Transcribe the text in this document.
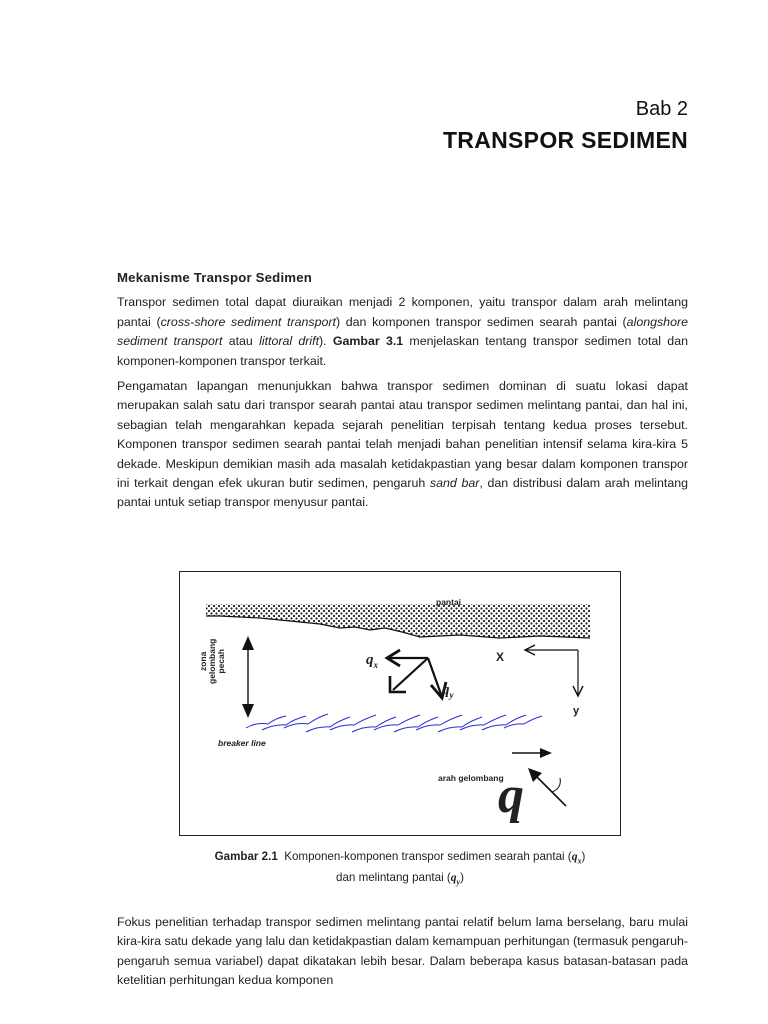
Bab 2
TRANSPOR SEDIMEN
Mekanisme Transpor Sedimen

Transpor sedimen total dapat diuraikan menjadi 2 komponen, yaitu transpor dalam arah melintang pantai (cross-shore sediment transport) dan komponen transpor sedimen searah pantai (alongshore sediment transport atau littoral drift). Gambar 3.1 menjelaskan tentang transpor sedimen total dan komponen-komponen transpor terkait.

Pengamatan lapangan menunjukkan bahwa transpor sedimen dominan di suatu lokasi dapat merupakan salah satu dari transpor searah pantai atau transpor sedimen melintang pantai, dan hal ini, sebagian telah mengarahkan kepada sejarah penelitian terpisah tentang kedua proses tersebut. Komponen transpor sedimen searah pantai telah menjadi bahan penelitian intensif selama kira-kira 5 dekade. Meskipun demikian masih ada masalah ketidakpastian yang besar dalam komponen transpor ini terkait dengan efek ukuran butir sedimen, pengaruh sand bar, dan distribusi dalam arah melintang pantai untuk setiap transpor menyusur pantai.

pantai
zona
gelombang
pecah	$q_x$
$q_y$
X
y
breaker line
arah gelombang
q
Gambar 2.1 Komponen-komponen transpor sedimen searah pantai $(q_x)$
dan melintang pantai $(q_y)$

Fokus penelitian terhadap transpor sedimen melintang pantai relatif belum lama berselang, baru mulai kira-kira satu dekade yang lalu dan ketidakpastian dalam kemampuan perhitungan (termasuk pengaruh-pengaruh semua variabel) dapat dikatakan lebih besar. Dalam beberapa kasus batasan-batasan pada ketelitian perhitungan kedua komponen
